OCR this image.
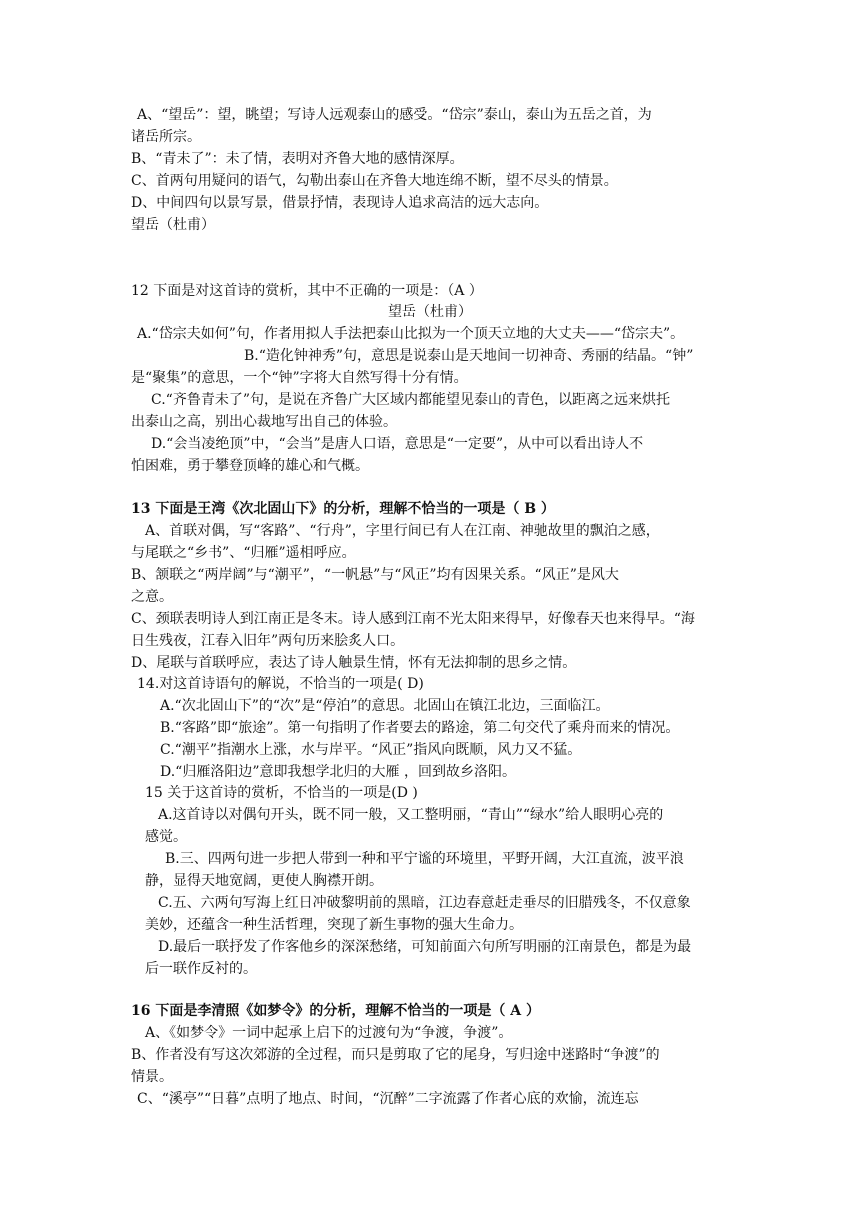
A、“望岳”：望，眺望；写诗人远观泰山的感受。“岱宗”泰山，泰山为五岳之首，为

诸岳所宗。

B、“青未了”：未了情，表明对齐鲁大地的感情深厚。

C、首两句用疑问的语气，勾勒出泰山在齐鲁大地连绵不断，望不尽头的情景。

D、中间四句以景写景，借景抒情，表现诗人追求高洁的远大志向。

望岳（杜甫）

12 下面是对这首诗的赏析，其中不正确的一项是：（A ）

望岳（杜甫）

A.“岱宗夫如何”句，作者用拟人手法把泰山比拟为一个顶天立地的大丈夫——“岱宗夫”。

B.“造化钟神秀”句，意思是说泰山是天地间一切神奇、秀丽的结晶。“钟”

是“聚集”的意思，一个“钟”字将大自然写得十分有情。

C.“齐鲁青未了”句，是说在齐鲁广大区域内都能望见泰山的青色，以距离之远来烘托

出泰山之高，别出心裁地写出自己的体验。

D.“会当凌绝顶”中，“会当”是唐人口语，意思是“一定要”，从中可以看出诗人不

怕困难，勇于攀登顶峰的雄心和气概。

13 下面是王湾《次北固山下》的分析，理解不恰当的一项是（ B ）

A、首联对偶，写“客路”、“行舟”，字里行间已有人在江南、神驰故里的飘泊之感，

与尾联之“乡书”、“归雁”遥相呼应。

B、颔联之“两岸阔”与“潮平”，“一帆悬”与“风正”均有因果关系。“风正”是风大

之意。

C、颈联表明诗人到江南正是冬末。诗人感到江南不光太阳来得早，好像春天也来得早。“海

日生残夜，江春入旧年”两句历来脍炙人口。

D、尾联与首联呼应，表达了诗人触景生情，怀有无法抑制的思乡之情。

14.对这首诗语句的解说，不恰当的一项是( D)

A.“次北固山下”的“次”是“停泊”的意思。北固山在镇江北边，三面临江。

B.“客路”即“旅途”。第一句指明了作者要去的路途，第二句交代了乘舟而来的情况。

C.“潮平”指潮水上涨，水与岸平。“风正”指风向既顺，风力又不猛。

D.“归雁洛阳边”意即我想学北归的大雁 ，回到故乡洛阳。

15 关于这首诗的赏析，不恰当的一项是(D )

A.这首诗以对偶句开头，既不同一般，又工整明丽，“青山”“绿水”给人眼明心亮的

感觉。

B.三、四两句进一步把人带到一种和平宁谧的环境里，平野开阔，大江直流，波平浪

静，显得天地宽阔，更使人胸襟开朗。

C.五、六两句写海上红日冲破黎明前的黑暗，江边春意赶走垂尽的旧腊残冬，不仅意象

美妙，还蕴含一种生活哲理，突现了新生事物的强大生命力。

D.最后一联抒发了作客他乡的深深愁绪，可知前面六句所写明丽的江南景色，都是为最

后一联作反衬的。

16 下面是李清照《如梦令》的分析，理解不恰当的一项是（ A ）

A、《如梦令》一词中起承上启下的过渡句为“争渡，争渡”。

B、作者没有写这次郊游的全过程，而只是剪取了它的尾身，写归途中迷路时“争渡”的

情景。

C、“溪亭”“日暮”点明了地点、时间，“沉醉”二字流露了作者心底的欢愉，流连忘
